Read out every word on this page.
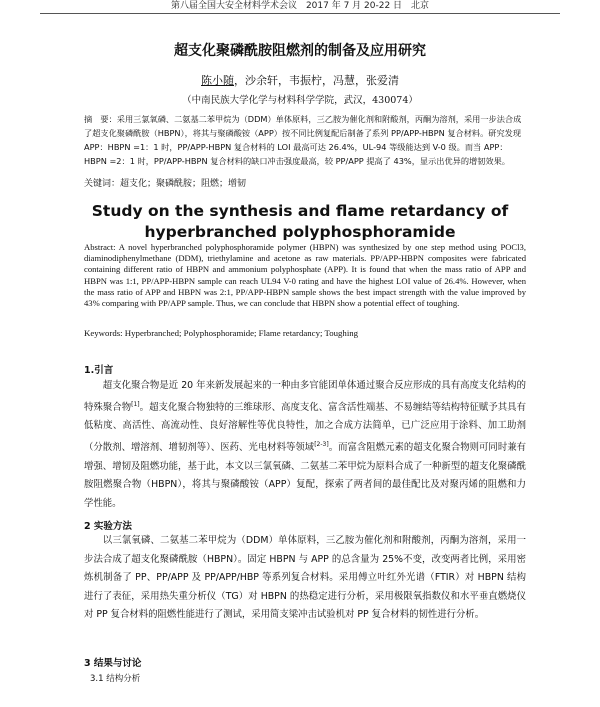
第八届全国大安全材料学术会议　2017 年 7 月 20-22 日　北京
超支化聚磷酰胺阻燃剂的制备及应用研究
陈小随，沙余轩，韦振柠，冯慧，张爱清
（中南民族大学化学与材料科学学院，武汉，430074）
摘　要：采用三氯氧磷、二氨基二苯甲烷为（DDM）单体原料，三乙胺为催化剂和附酸剂，丙酮为溶剂，采用一步法合成了超支化聚磷酰胺（HBPN），将其与聚磷酸铵（APP）按不同比例复配后制备了系列 PP/APP-HBPN 复合材料。研究发现 APP：HBPN =1：1 时，PP/APP-HBPN 复合材料的 LOI 最高可达 26.4%，UL-94 等级能达到 V-0 级。而当 APP：HBPN =2：1 时，PP/APP-HBPN 复合材料的缺口冲击强度最高，较 PP/APP 提高了 43%，显示出优异的增韧效果。
关键词：超支化；聚磷酰胺；阻燃；增韧
Study on the synthesis and flame retardancy of
hyperbranched polyphosphoramide
Abstract: A novel hyperbranched polyphosphoramide polymer (HBPN) was synthesized by one step method using POCl3, diaminodiphenylmethane (DDM), triethylamine and acetone as raw materials. PP/APP-HBPN composites were fabricated containing different ratio of HBPN and ammonium polyphosphate (APP). It is found that when the mass ratio of APP and HBPN was 1:1, PP/APP-HBPN sample can reach UL94 V-0 rating and have the highest LOI value of 26.4%. However, when the mass ratio of APP and HBPN was 2:1, PP/APP-HBPN sample shows the best impact strength with the value improved by 43% comparing with PP/APP sample. Thus, we can conclude that HBPN show a potential effect of toughing.
Keywords: Hyperbranched; Polyphosphoramide; Flame retardancy; Toughing
1.引言
超支化聚合物是近 20 年来新发展起来的一种由多官能团单体通过聚合反应形成的具有高度支化结构的特殊聚合物[1]。超支化聚合物独特的三维球形、高度支化、富含活性端基、不易缠结等结构特征赋予其具有低粘度、高活性、高流动性、良好溶解性等优良特性，加之合成方法简单，已广泛应用于涂料、加工助剂（分散剂、增溶剂、增韧剂等）、医药、光电材料等领域[2-3]。而富含阻燃元素的超支化聚合物则可同时兼有增强、增韧及阻燃功能，基于此，本文以三氯氧磷、二氨基二苯甲烷为原料合成了一种新型的超支化聚磷酰胺阻燃聚合物（HBPN），将其与聚磷酸铵（APP）复配，探索了两者间的最佳配比及对聚丙烯的阻燃和力学性能。
2 实验方法
以三氯氧磷、二氨基二苯甲烷为（DDM）单体原料，三乙胺为催化剂和附酸剂，丙酮为溶剂，采用一步法合成了超支化聚磷酰胺（HBPN）。固定 HBPN 与 APP 的总含量为 25%不变，改变两者比例，采用密炼机制备了 PP、PP/APP 及 PP/APP/HBP 等系列复合材料。采用傅立叶红外光谱（FTIR）对 HBPN 结构进行了表征，采用热失重分析仪（TG）对 HBPN 的热稳定进行分析，采用极限氧指数仪和水平垂直燃烧仪对 PP 复合材料的阻燃性能进行了测试，采用简支梁冲击试验机对 PP 复合材料的韧性进行分析。
3 结果与讨论
3.1 结构分析
